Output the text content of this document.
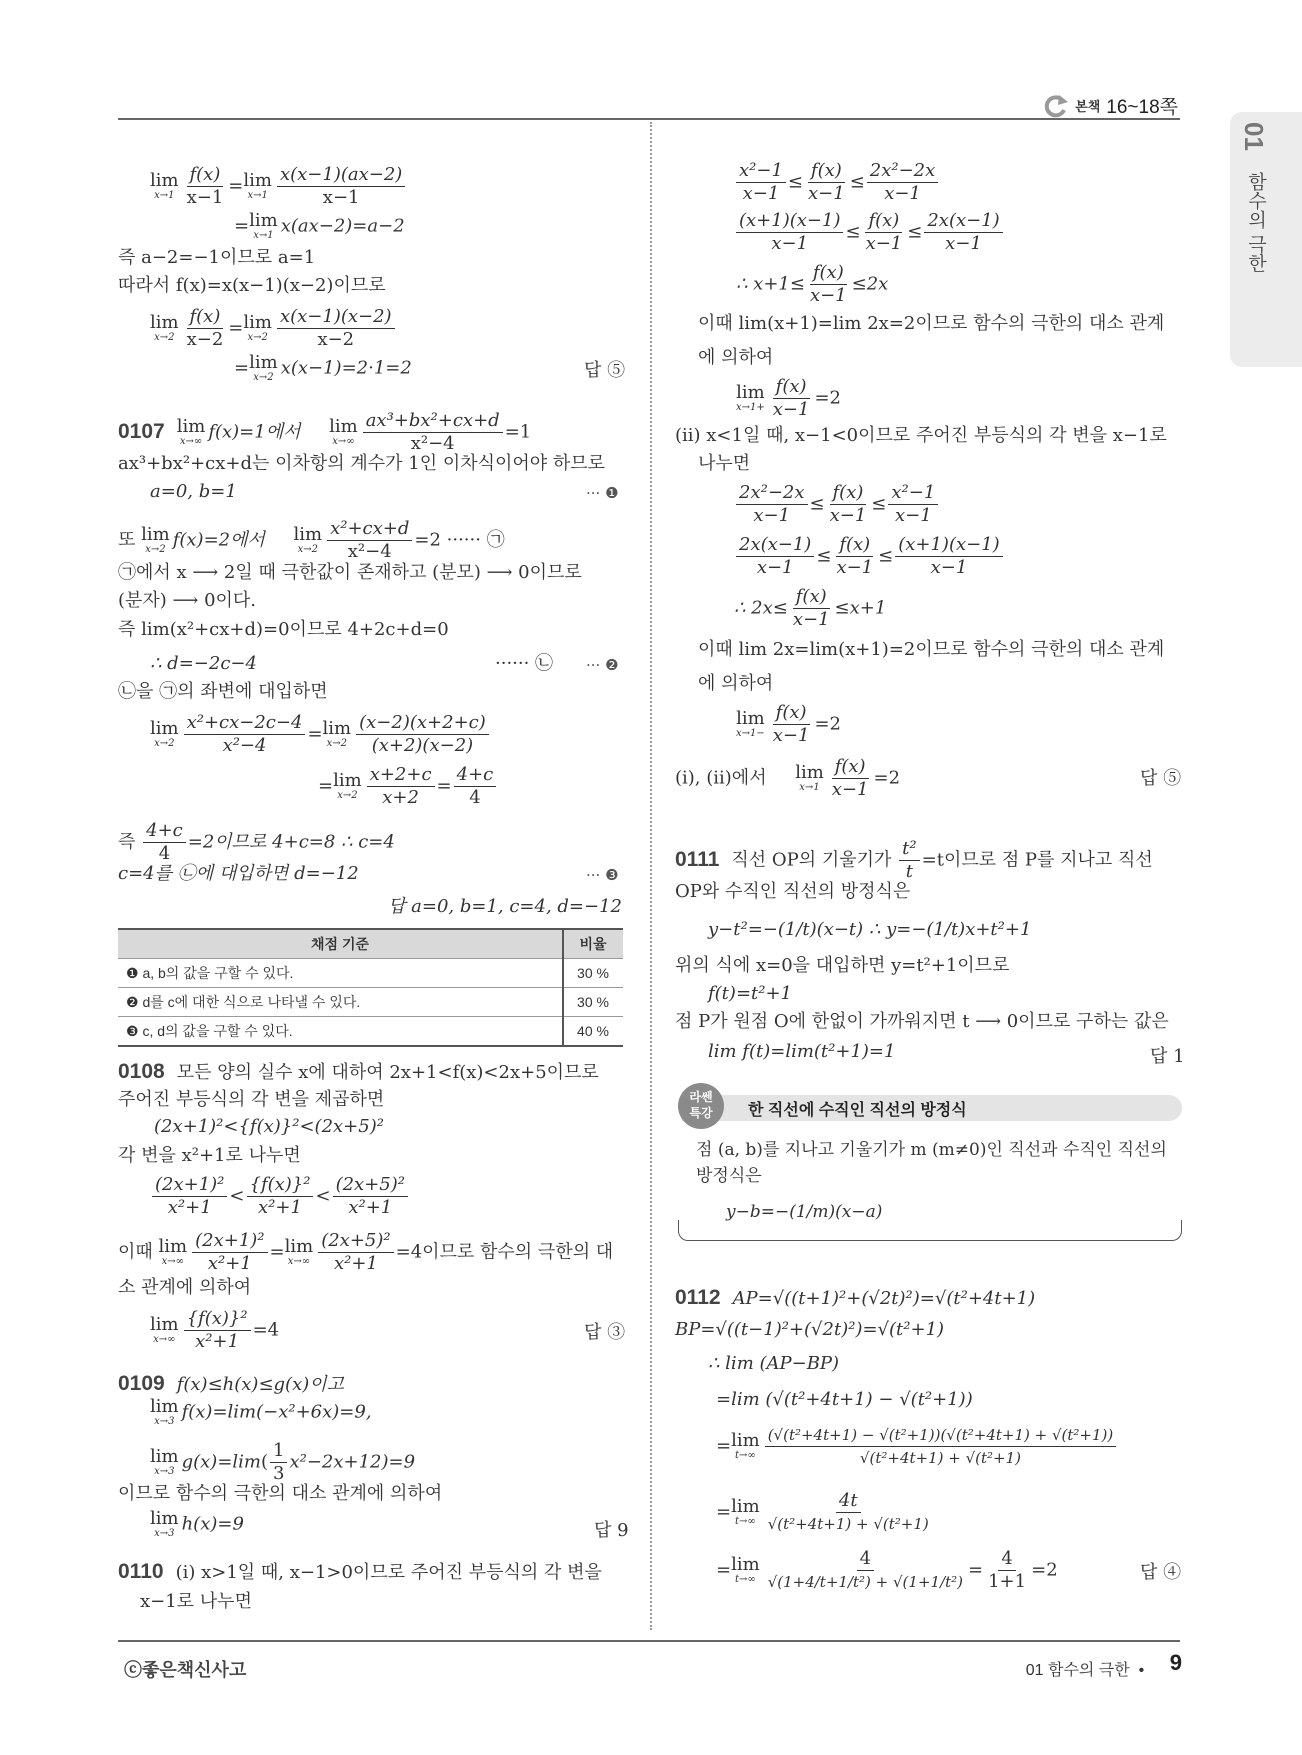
본책 16~18쪽
01
함수의 극한
lim
$x\to 1 \frac{f(x)}{x-1} = \lim$
$x\to 1 \frac{x(x-1)(ax-2)}{x-1}$
= lim
x→1 x(ax−2)=a−2
즉 a−2=−1이므로 a=1
따라서 f(x)=x(x−1)(x−2)이므로
lim
$x\to 2 \frac{f(x)}{x-2} = \lim$
$x\to 2 \frac{x(x-1)(x-2)}{x-2}$
= lim
x→2 x(x−1)=2·1=2	답 ⑤
0107 lim
x→∞ f(x)=1에서 lim
$x\to\infty \frac{\text{ax³+bx²+cx+d}}{\text{x²−4}} =1$
ax³+bx²+cx+d는 이차항의 계수가 1인 이차식이어야 하므로
a=0, b=1	··· ❶
또 lim
x→2 f(x)=2에서 lim
$x\to 2 \frac{\text{x²+cx+d}}{\text{x²−4}} =2$ ······ ㉠
㉠에서 x ⟶ 2일 때 극한값이 존재하고 (분모) ⟶ 0이므로
(분자) ⟶ 0이다.
즉 lim(x²+cx+d)=0이므로 4+2c+d=0
∴ d=−2c−4	······ ㉡ ··· ❷
㉡을 ㉠의 좌변에 대입하면
lim
$x\to 2 \frac{\text{x²+cx−2c−4}}{\text{x²−4}} = \lim$
$x\to 2 \frac{(x-2)(x+2+c)}{(x+2)(x-2)}$
= lim
$x\to 2 \frac{x+2+c}{x+2} = \frac{4+c}{4}$
즉 $\frac{4+c}{4} =2$이므로 4+c=8 ∴ c=4
c=4를 ㉡에 대입하면 d=−12	··· ❸
답 a=0, b=1, c=4, d=−12
채점 기준	비율
❶ a, b의 값을 구할 수 있다.	30 %
❷ d를 c에 대한 식으로 나타낼 수 있다.	30 %
❸ c, d의 값을 구할 수 있다.	40 %
0108 모든 양의 실수 x에 대하여 2x+1<f(x)<2x+5이므로
주어진 부등식의 각 변을 제곱하면
(2x+1)²<{f(x)}²<(2x+5)²
각 변을 x²+1로 나누면
$\frac{\text{(2x+1)²}}{\text{x²+1}} < \frac{\text{\{f(x)\}²}}{\text{x²+1}} < \frac{\text{(2x+5)²}}{\text{x²+1}}$
이때 lim
$x\to\infty \frac{\text{(2x+1)²}}{\text{x²+1}} = \lim$
$x\to\infty \frac{\text{(2x+5)²}}{\text{x²+1}} =4$이므로 함수의 극한의 대
소 관계에 의하여
lim
$x\to\infty \frac{\text{\{f(x)\}²}}{\text{x²+1}} =4$	답 ③
0109 f(x)≤h(x)≤g(x)이고
lim
x→3 f(x)=lim(−x²+6x)=9,
lim
x→3 $g(x)=\lim( \frac{1}{3} x^2-2x+12)=9$
이므로 함수의 극한의 대소 관계에 의하여
lim
x→3 h(x)=9	답 9
0110 (i) x>1일 때, x−1>0이므로 주어진 부등식의 각 변을
x−1로 나누면
$\frac{\text{x²−1}}{x-1} \le \frac{f(x)}{x-1} \le \frac{\text{2x²−2x}}{x-1}$
$\frac{(x+1)(x-1)}{x-1} \le \frac{f(x)}{x-1} \le \frac{2x(x-1)}{x-1}$
∴ $x+1\le \frac{f(x)}{x-1} \le 2x$
이때 lim(x+1)=lim 2x=2이므로 함수의 극한의 대소 관계
에 의하여
lim
$x\to 1+ \frac{f(x)}{x-1} =2$
(ii) x<1일 때, x−1<0이므로 주어진 부등식의 각 변을 x−1로
나누면
$\frac{\text{2x²−2x}}{x-1} \le \frac{f(x)}{x-1} \le \frac{\text{x²−1}}{x-1}$
$\frac{2x(x-1)}{x-1} \le \frac{f(x)}{x-1} \le \frac{(x+1)(x-1)}{x-1}$
∴ $2x\le \frac{f(x)}{x-1} \le x+1$
이때 lim 2x=lim(x+1)=2이므로 함수의 극한의 대소 관계
에 의하여
lim
$x\to 1- \frac{f(x)}{x-1} =2$
(i), (ii)에서 lim
$x\to 1 \frac{f(x)}{x-1} =2$	답 ⑤
0111 직선 OP의 기울기가 $\frac{\text{t²}}{t} =t$이므로 점 P를 지나고 직선
OP와 수직인 직선의 방정식은
y−t²=−(1/t)(x−t) ∴ y=−(1/t)x+t²+1
위의 식에 x=0을 대입하면 y=t²+1이므로
f(t)=t²+1
점 P가 원점 O에 한없이 가까워지면 t ⟶ 0이므로 구하는 값은
lim f(t)=lim(t²+1)=1	답 1
라쎈
특강	한 직선에 수직인 직선의 방정식
점 (a, b)를 지나고 기울기가 m (m≠0)인 직선과 수직인 직선의
방정식은
y−b=−(1/m)(x−a)
0112 AP=√((t+1)²+(√2t)²)=√(t²+4t+1)
BP=√((t−1)²+(√2t)²)=√(t²+1)
∴ lim (AP−BP)
=lim (√(t²+4t+1) − √(t²+1))
= lim
$t\to\infty \frac{\text{(√(t²+4t+1) − √(t²+1))(√(t²+4t+1) + √(t²+1))}}{\text{√(t²+4t+1) + √(t²+1)}}$
= lim
$t\to\infty \frac{4t}{\text{√(t²+4t+1) + √(t²+1)}}$
= lim
$t\to\infty \frac{4}{\text{√(1+4/t+1/t²) + √(1+1/t²)}} = \frac{4}{1+1} =2$	답 ④
ⓒ좋은책신사고	01 함수의 극한 •	9
